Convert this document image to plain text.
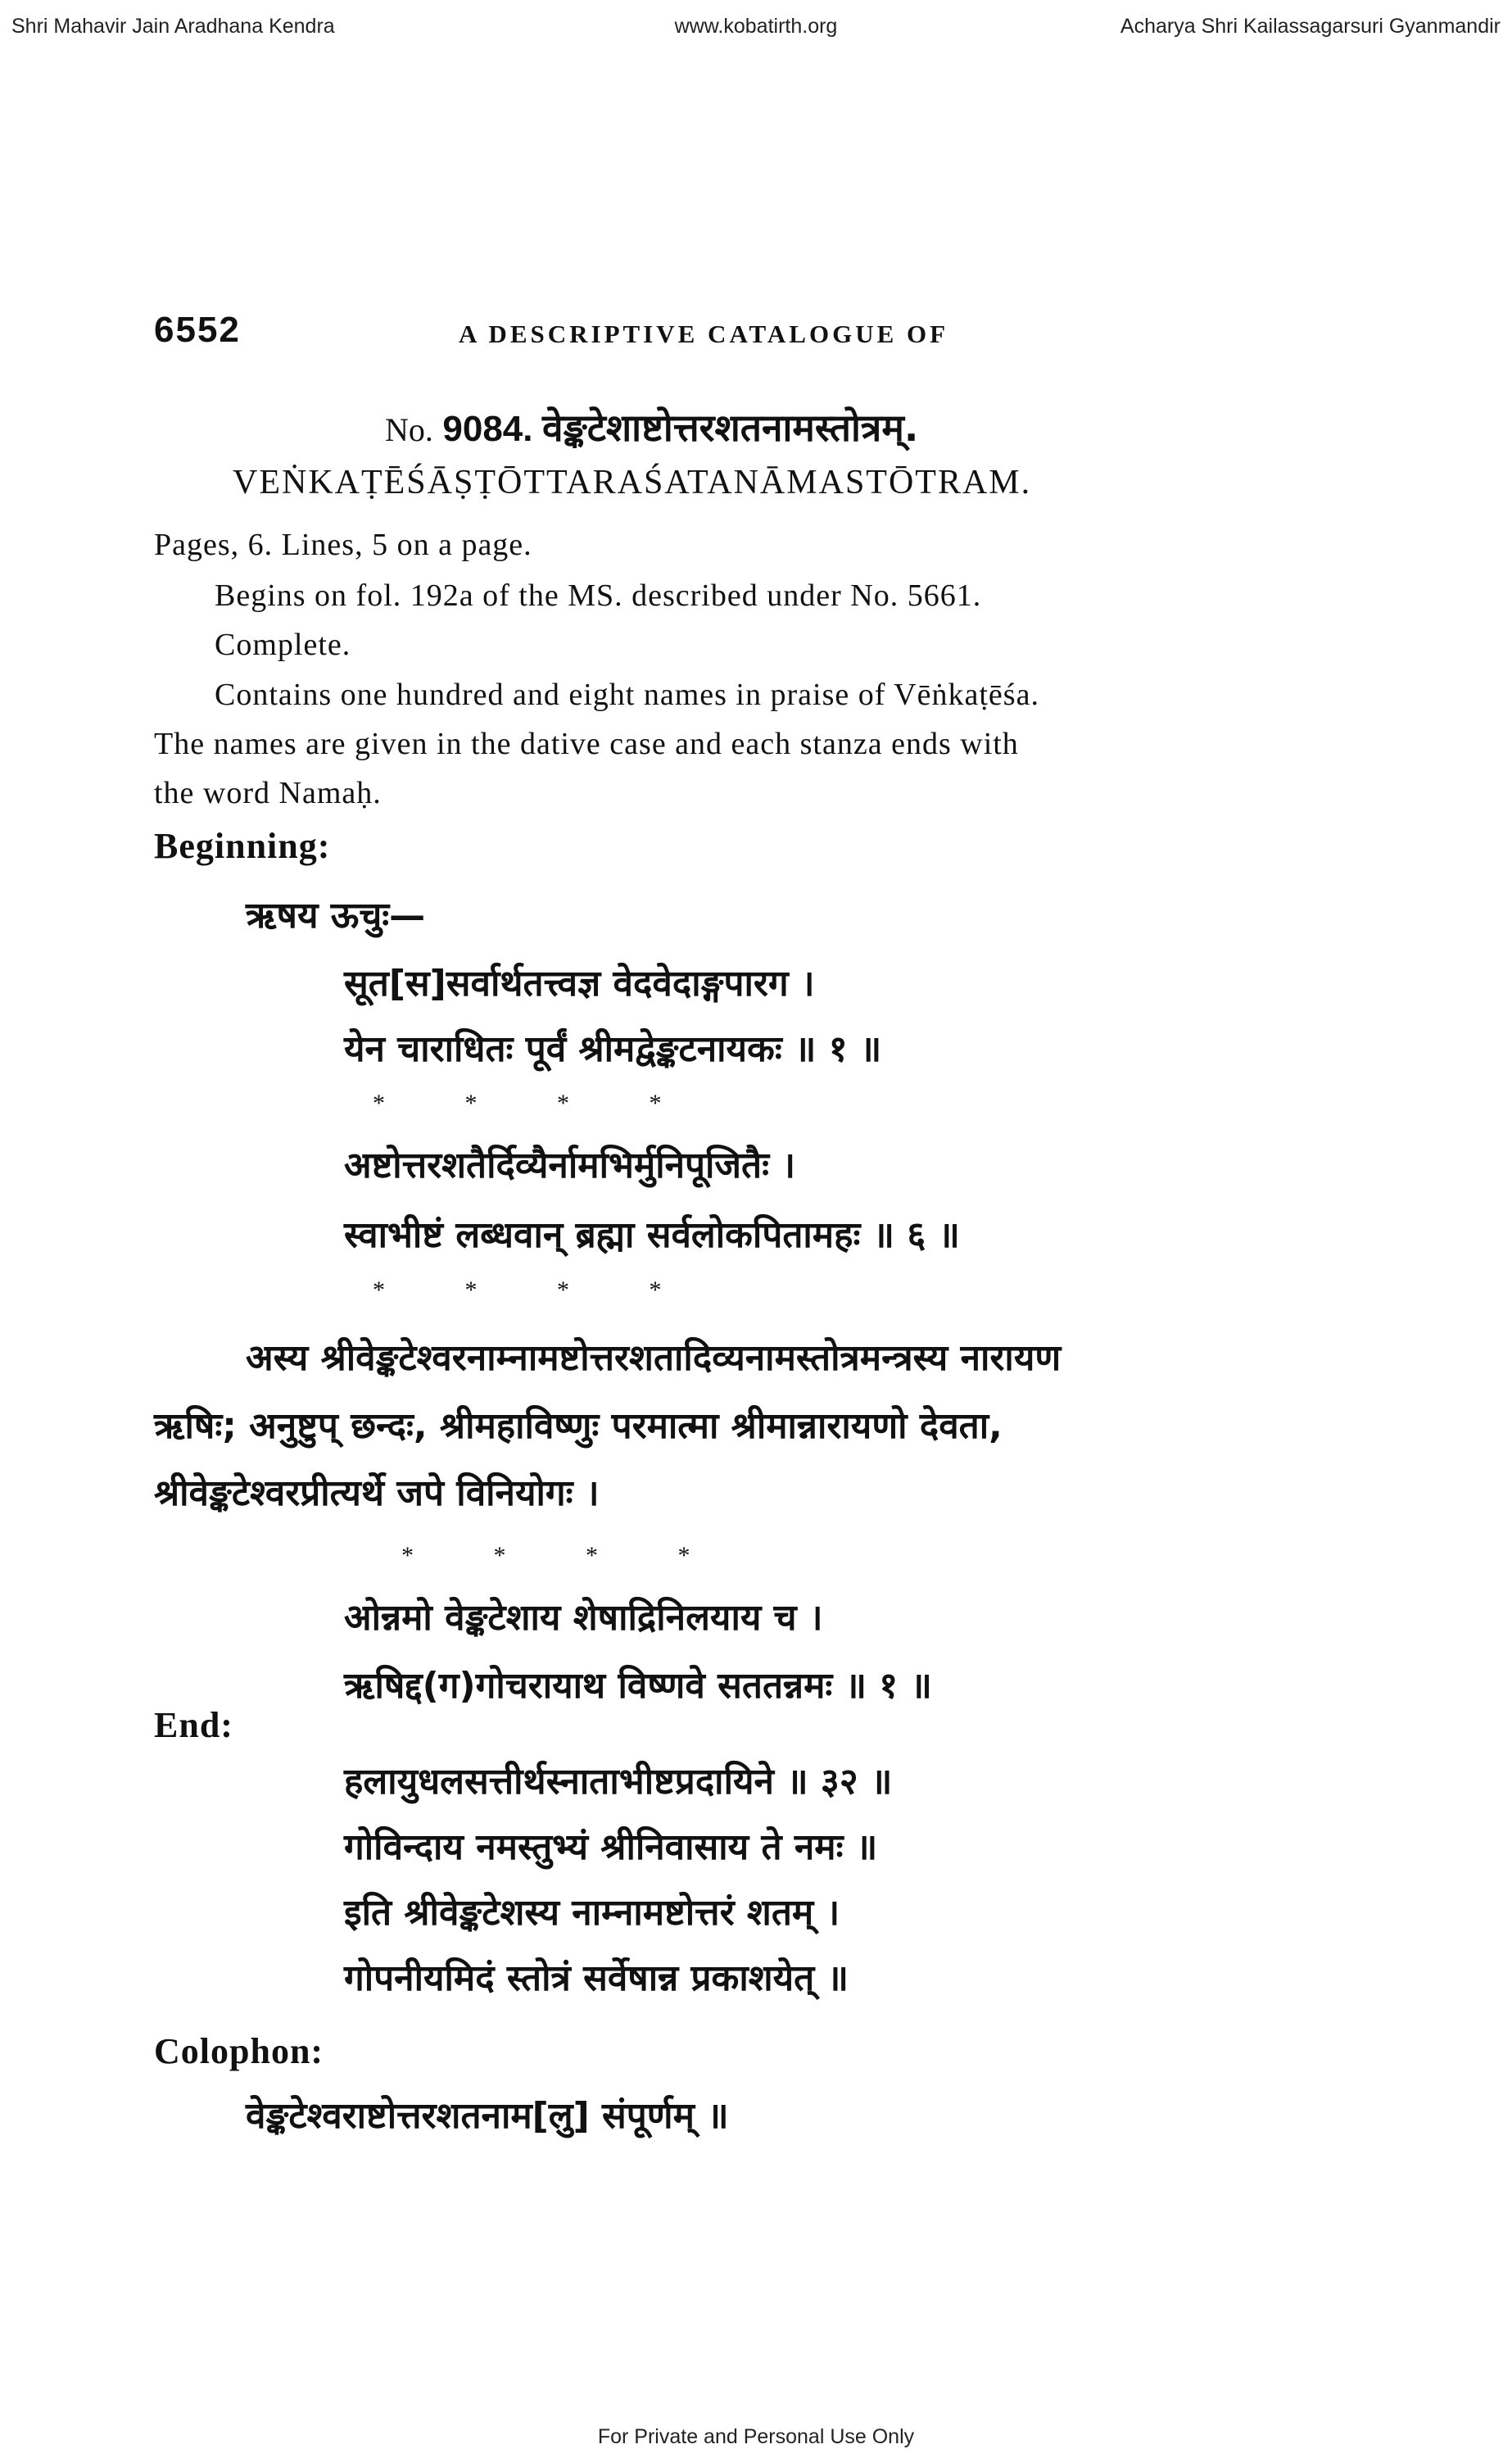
Shri Mahavir Jain Aradhana Kendra	www.kobatirth.org	Acharya Shri Kailassagarsuri Gyanmandir
6552	A DESCRIPTIVE CATALOGUE OF
No. 9084. वेङ्कटेशाष्टोत्तरशतनामस्तोत्रम्.
VEṄKAṬĒŚĀṢṬŌTTARAŚATANĀMASTŌTRAM.
Pages, 6. Lines, 5 on a page.
Begins on fol. 192a of the MS. described under No. 5661.
Complete.
Contains one hundred and eight names in praise of Vēṅkaṭēśa.
The names are given in the dative case and each stanza ends with
the word Namaḥ.
Beginning:
ऋषय ऊचुः—
सूत[स]सर्वार्थतत्त्वज्ञ वेदवेदाङ्गपारग ।
येन चाराधितः पूर्वं श्रीमद्वेङ्कटनायकः ॥ १ ॥
*             *             *             *
अष्टोत्तरशतैर्दिव्यैर्नामभिर्मुनिपूजितैः ।
स्वाभीष्टं लब्धवान् ब्रह्मा सर्वलोकपितामहः ॥ ६ ॥
*             *             *             *
अस्य श्रीवेङ्कटेश्वरनाम्नामष्टोत्तरशतादिव्यनामस्तोत्रमन्त्रस्य नारायण
ऋषिः; अनुष्टुप् छन्दः, श्रीमहाविष्णुः परमात्मा श्रीमान्नारायणो देवता,
श्रीवेङ्कटेश्वरप्रीत्यर्थे जपे विनियोगः ।
*             *             *             *
ओन्नमो वेङ्कटेशाय शेषाद्रिनिलयाय च ।
ऋषिद्द(ग)गोचरायाथ विष्णवे सततन्नमः ॥ १ ॥
End:
हलायुधलसत्तीर्थस्नाताभीष्टप्रदायिने ॥ ३२ ॥
गोविन्दाय नमस्तुभ्यं श्रीनिवासाय ते नमः ॥
इति श्रीवेङ्कटेशस्य नाम्नामष्टोत्तरं शतम् ।
गोपनीयमिदं स्तोत्रं सर्वेषान्न प्रकाशयेत् ॥
Colophon:
वेङ्कटेश्वराष्टोत्तरशतनाम[लु] संपूर्णम् ॥
For Private and Personal Use Only
